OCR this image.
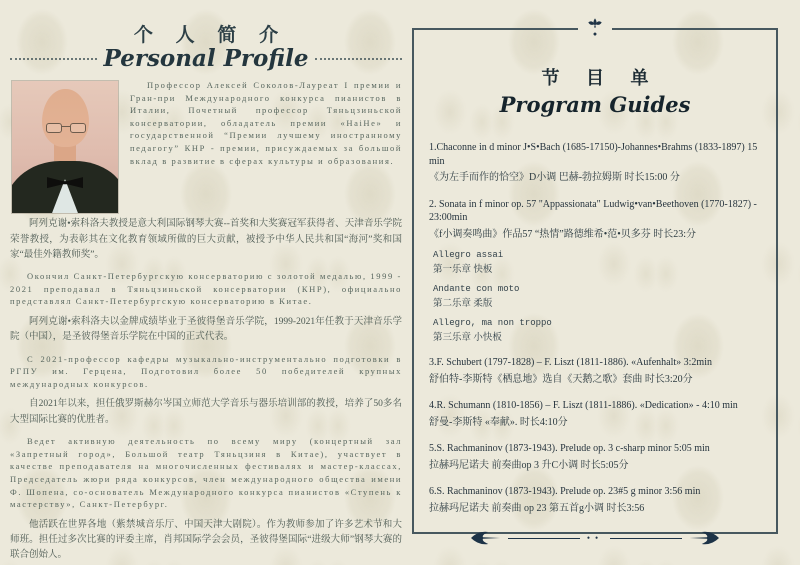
个 人 简 介
Personal Profile

Профессор Алексей Соколов-Лауреат I премии и Гран-при Международного конкурса пианистов в Италии, Почетный профессор Тяньцзиньской консерватории, обладатель премии «HaiHe» и государственной “Премии лучшему иностранному педагогу” КНР - премии, присуждаемых за большой вклад в развитие в сферах культуры и образования.

阿列克谢•索科洛夫教授是意大利国际钢琴大赛--首奖和大奖赛冠军获得者、天津音乐学院荣誉教授，为表彰其在文化教育领域所做的巨大贡献，被授予中华人民共和国“海河”奖和国家“最佳外籍教师奖”。

Окончил Санкт-Петербургскую консерваторию с золотой медалью, 1999 - 2021 преподавал в Тяньцзиньской консерватории (КНР), официально представлял Санкт-Петербургскую консерваторию в Китае.

阿列克谢•索科洛夫以金牌成绩毕业于圣彼得堡音乐学院，1999-2021年任教于天津音乐学院（中国），是圣彼得堡音乐学院在中国的正式代表。

С 2021-профессор кафедры музыкально-инструментально подготовки в РГПУ им. Герцена, Подготовил более 50 победителей крупных международных конкурсов.

自2021年以来，担任俄罗斯赫尔岑国立师范大学音乐与器乐培训部的教授，培养了50多名大型国际比赛的优胜者。

Ведет активную деятельность по всему миру (концертный зал «Запретный город», Большой театр Тяньцзиня в Китае), участвует в качестве преподавателя на многочисленных фестивалях и мастер-классах, Председатель жюри ряда конкурсов, член международного общества имени Ф. Шопена, со-основатель Международного конкурса пианистов «Ступень к мастерству», Санкт-Петербург.

他活跃在世界各地（紫禁城音乐厅、中国天津大剧院）。作为教师参加了许多艺术节和大师班。担任过多次比赛的评委主席，肖邦国际学会会员，圣彼得堡国际“进级大师”钢琴大赛的联合创始人。

●
节 目 单
Program Guides
1.Chaconne in d minor J•S•Bach (1685-17150)-Johannes•Brahms (1833-1897) 15 min
《为左手而作的恰空》D小调 巴赫-勃拉姆斯 时长15:00 分
2. Sonata in f minor op. 57 "Appassionata" Ludwig•van•Beethoven (1770-1827) - 23:00min
《f小调奏鸣曲》作品57 “热情”路德维希•范•贝多芬 时长23:分
Allegro assai
第一乐章 快板
Andante con moto
第二乐章 柔版
Allegro, ma non troppo
第三乐章 小快板
3.F. Schubert (1797-1828) – F. Liszt (1811-1886). «Aufenhalt» 3:2min
舒伯特-李斯特《栖息地》选自《天鹅之歌》套曲 时长3:20分
4.R. Schumann (1810-1856) – F. Liszt (1811-1886). «Dedication» - 4:10 min
舒曼-李斯特 «奉献». 时长4:10分
5.S. Rachmaninov (1873-1943). Prelude op. 3 c-sharp minor 5:05 min
拉赫玛尼诺夫 前奏曲op 3 升C小调 时长5:05分
6.S. Rachmaninov (1873-1943). Prelude op. 23#5 g minor 3:56 min
拉赫玛尼诺夫 前奏曲 op 23 第五首g小调 时长3:56
••
